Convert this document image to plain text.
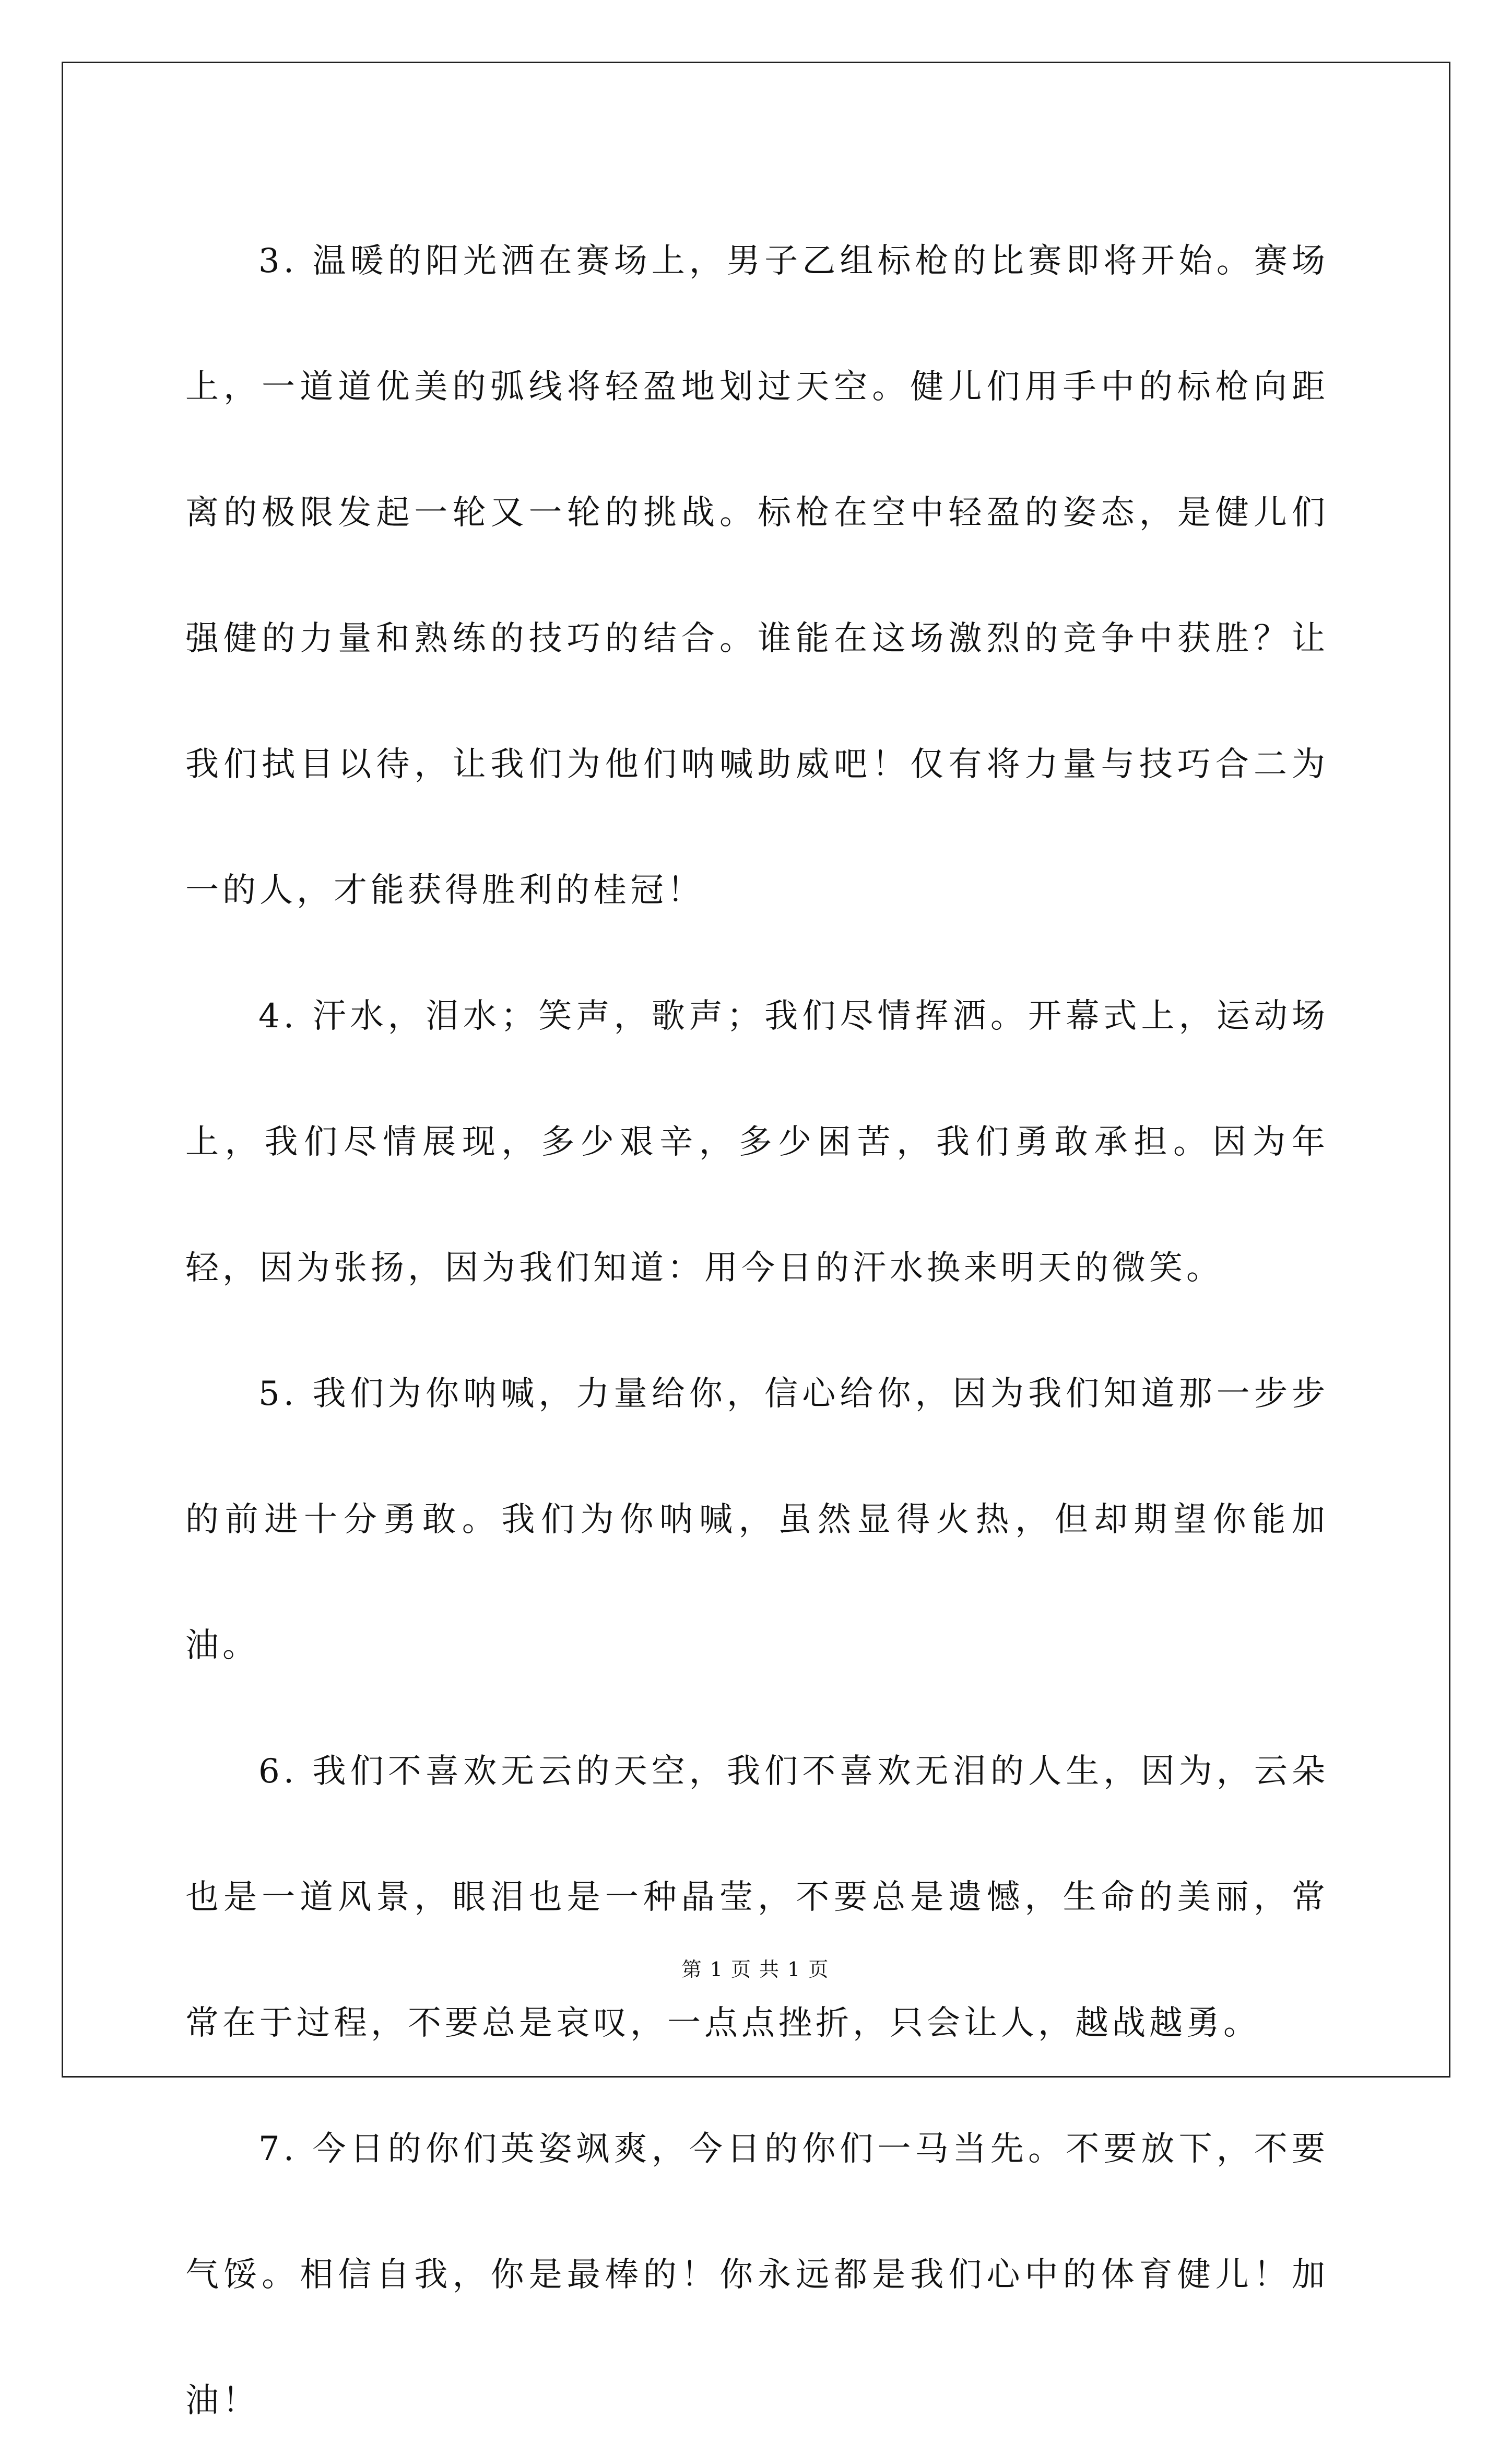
3. 温暖的阳光洒在赛场上，男子乙组标枪的比赛即将开始。赛场上，一道道优美的弧线将轻盈地划过天空。健儿们用手中的标枪向距离的极限发起一轮又一轮的挑战。标枪在空中轻盈的姿态，是健儿们强健的力量和熟练的技巧的结合。谁能在这场激烈的竞争中获胜？让我们拭目以待，让我们为他们呐喊助威吧！仅有将力量与技巧合二为一的人，才能获得胜利的桂冠！

4. 汗水，泪水；笑声，歌声；我们尽情挥洒。开幕式上，运动场上，我们尽情展现，多少艰辛，多少困苦，我们勇敢承担。因为年轻，因为张扬，因为我们知道：用今日的汗水换来明天的微笑。

5. 我们为你呐喊，力量给你，信心给你，因为我们知道那一步步的前进十分勇敢。我们为你呐喊，虽然显得火热，但却期望你能加油。

6. 我们不喜欢无云的天空，我们不喜欢无泪的人生，因为，云朵也是一道风景，眼泪也是一种晶莹，不要总是遗憾，生命的美丽，常常在于过程，不要总是哀叹，一点点挫折，只会让人，越战越勇。

7. 今日的你们英姿飒爽，今日的你们一马当先。不要放下，不要气馁。相信自我，你是最棒的！你永远都是我们心中的体育健儿！加油！

第 1 页 共 1 页
